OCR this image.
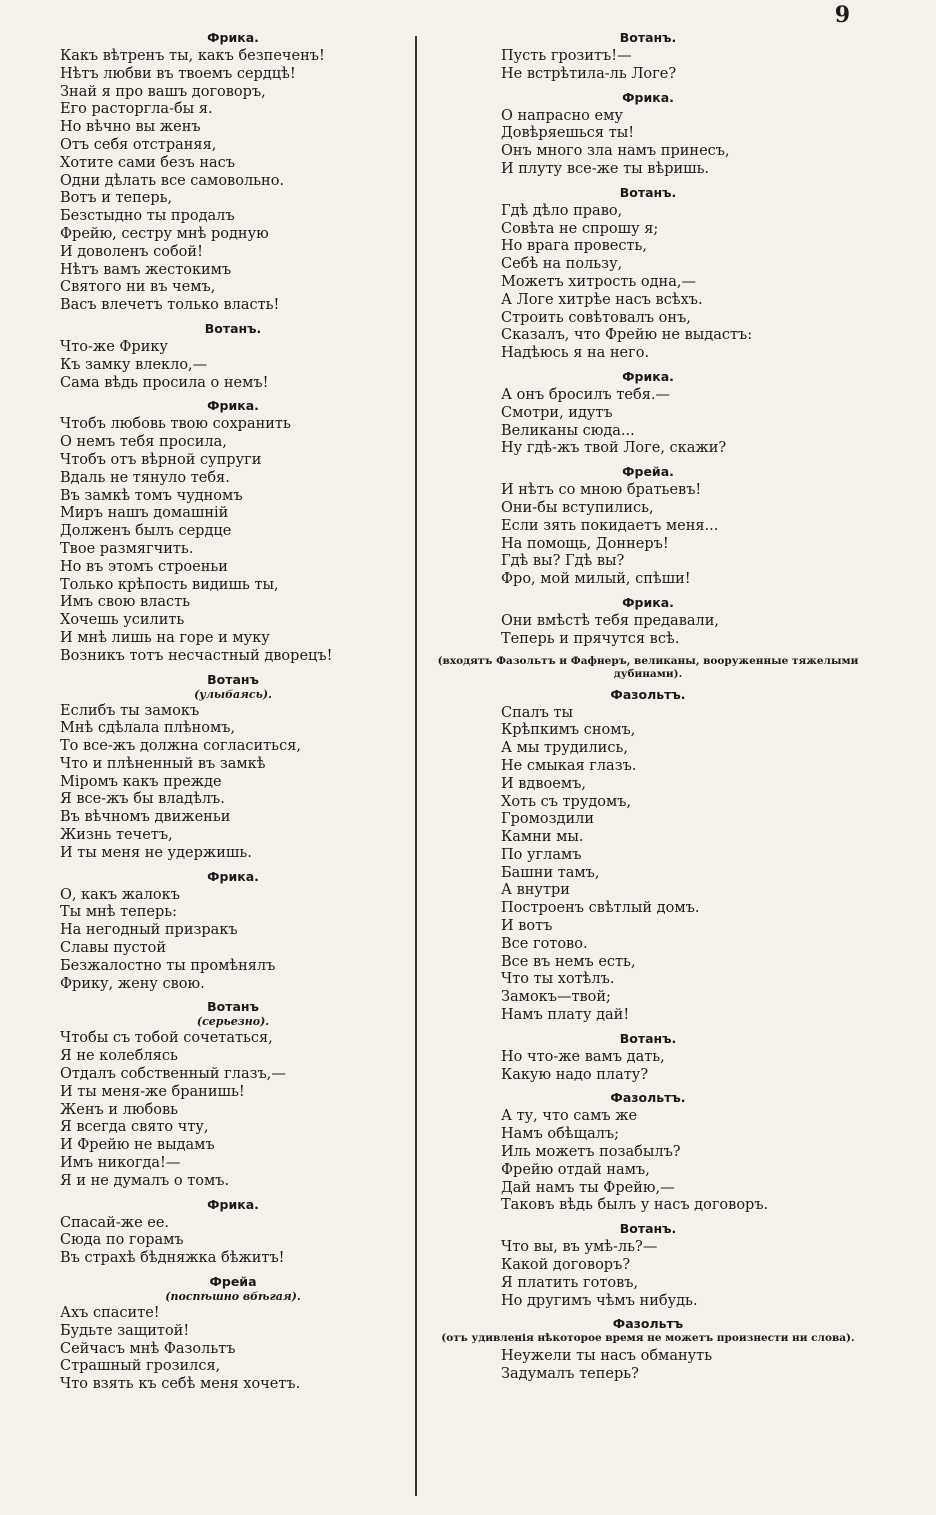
9
Фрика.
Какъ вѣтренъ ты, какъ безпеченъ!
Нѣтъ любви въ твоемъ сердцѣ!
Знай я про вашъ договоръ,
Его расторгла-бы я.
Но вѣчно вы женъ
Отъ себя отстраняя,
Хотите сами безъ насъ
Одни дѣлать все самовольно.
Вотъ и теперь,
Безстыдно ты продалъ
Фрейю, сестру мнѣ родную
И доволенъ собой!
Нѣтъ вамъ жестокимъ
Святого ни въ чемъ,
Васъ влечетъ только власть!
Вотанъ.
Что-же Фрику
Къ замку влекло,—
Сама вѣдь просила о немъ!
Фрика.
Чтобъ любовь твою сохранить
О немъ тебя просила,
Чтобъ отъ вѣрной супруги
Вдаль не тянуло тебя.
Въ замкѣ томъ чудномъ
Миръ нашъ домашній
Долженъ былъ сердце
Твое размягчить.
Но въ этомъ строеньи
Только крѣпость видишь ты,
Имъ свою власть
Хочешь усилить
И мнѣ лишь на горе и муку
Возникъ тотъ несчастный дворецъ!
Вотанъ
(улыбаясь).
Еслибъ ты замокъ
Мнѣ сдѣлала плѣномъ,
То все-жъ должна согласиться,
Что и плѣненный въ замкѣ
Міромъ какъ прежде
Я все-жъ бы владѣлъ.
Въ вѣчномъ движеньи
Жизнь течетъ,
И ты меня не удержишь.
Фрика.
О, какъ жалокъ
Ты мнѣ теперь:
На негодный призракъ
Славы пустой
Безжалостно ты промѣнялъ
Фрику, жену свою.
Вотанъ
(серьезно).
Чтобы съ тобой сочетаться,
Я не колеблясь
Отдалъ собственный глазъ,—
И ты меня-же бранишь!
Женъ и любовь
Я всегда свято чту,
И Фрейю не выдамъ
Имъ никогда!—
Я и не думалъ о томъ.
Фрика.
Спасай-же ее.
Сюда по горамъ
Въ страхѣ бѣдняжка бѣжитъ!
Фрейа
(поспѣшно вбѣгая).
Ахъ спасите!
Будьте защитой!
Сейчасъ мнѣ Фазольтъ
Страшный грозился,
Что взять къ себѣ меня хочетъ.
Вотанъ.
Пусть грозитъ!—
Не встрѣтила-ль Логе?
Фрика.
О напрасно ему
Довѣряешься ты!
Онъ много зла намъ принесъ,
И плуту все-же ты вѣришь.
Вотанъ.
Гдѣ дѣло право,
Совѣта не спрошу я;
Но врага провесть,
Себѣ на пользу,
Можетъ хитрость одна,—
А Логе хитрѣе насъ всѣхъ.
Строить совѣтовалъ онъ,
Сказалъ, что Фрейю не выдастъ:
Надѣюсь я на него.
Фрика.
А онъ бросилъ тебя.—
Смотри, идутъ
Великаны сюда...
Ну гдѣ-жъ твой Логе, скажи?
Фрейа.
И нѣтъ со мною братьевъ!
Они-бы вступились,
Если зять покидаетъ меня...
На помощь, Доннеръ!
Гдѣ вы? Гдѣ вы?
Фро, мой милый, спѣши!
Фрика.
Они вмѣстѣ тебя предавали,
Теперь и прячутся всѣ.
(входятъ Фазольтъ и Фафнеръ, великаны, вооруженные тяжелыми дубинами).
Фазольтъ.
Спалъ ты
Крѣпкимъ сномъ,
А мы трудились,
Не смыкая глазъ.
И вдвоемъ,
Хоть съ трудомъ,
Громоздили
Камни мы.
По угламъ
Башни тамъ,
А внутри
Построенъ свѣтлый домъ.
И вотъ
Все готово.
Все въ немъ есть,
Что ты хотѣлъ.
Замокъ—твой;
Намъ плату дай!
Вотанъ.
Но что-же вамъ дать,
Какую надо плату?
Фазольтъ.
А ту, что самъ же
Намъ обѣщалъ;
Иль можетъ позабылъ?
Фрейю отдай намъ,
Дай намъ ты Фрейю,—
Таковъ вѣдь былъ у насъ договоръ.
Вотанъ.
Что вы, въ умѣ-ль?—
Какой договоръ?
Я платить готовъ,
Но другимъ чѣмъ нибудь.
Фазольтъ
(отъ удивленія нѣкоторое время не можетъ произнести ни слова).
Неужели ты насъ обмануть
Задумалъ теперь?
